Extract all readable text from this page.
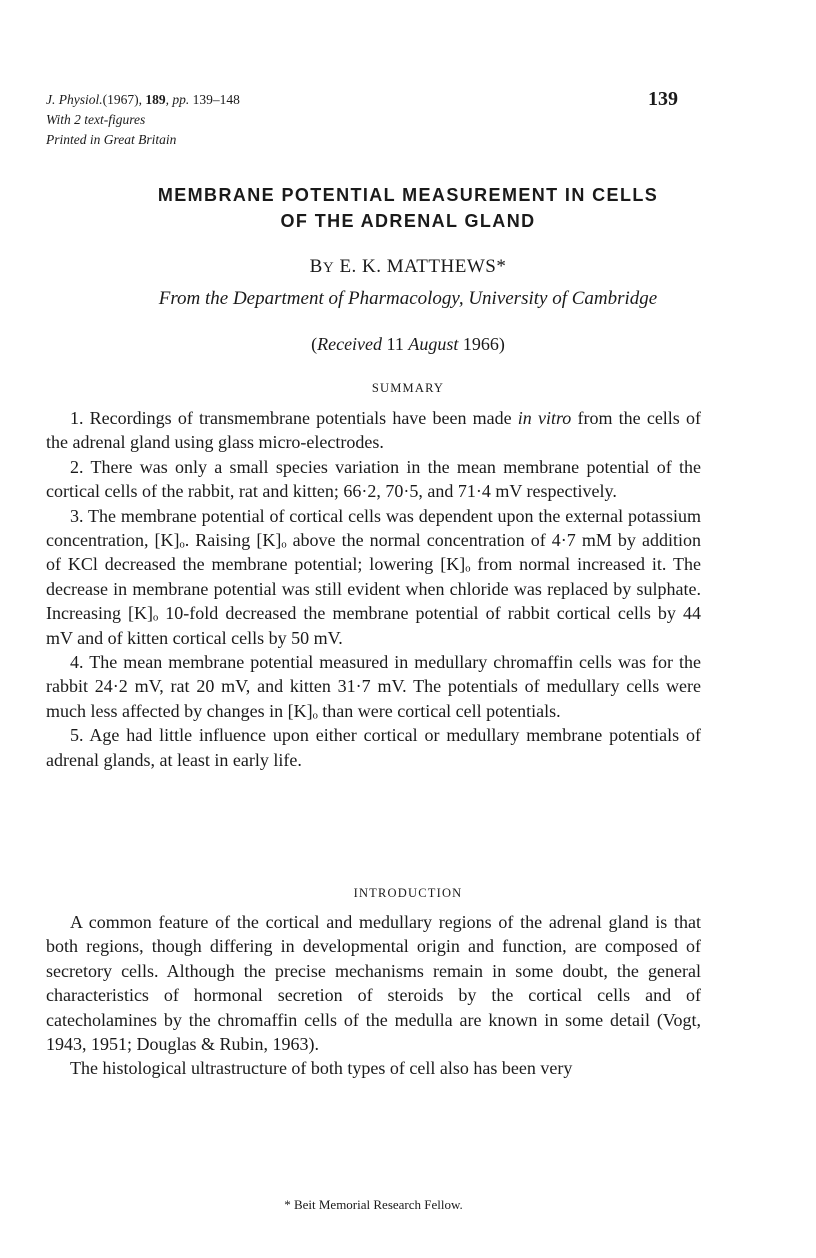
J. Physiol.(1967), 189, pp. 139–148
With 2 text-figures
Printed in Great Britain
139
MEMBRANE POTENTIAL MEASUREMENT IN CELLS
OF THE ADRENAL GLAND
BY E. K. MATTHEWS*
From the Department of Pharmacology, University of Cambridge
(Received 11 August 1966)
SUMMARY

1. Recordings of transmembrane potentials have been made in vitro from the cells of the adrenal gland using glass micro-electrodes.

2. There was only a small species variation in the mean membrane potential of the cortical cells of the rabbit, rat and kitten; 66·2, 70·5, and 71·4 mV respectively.

3. The membrane potential of cortical cells was dependent upon the external potassium concentration, [K]ₒ. Raising [K]ₒ above the normal concentration of 4·7 mM by addition of KCl decreased the membrane potential; lowering [K]ₒ from normal increased it. The decrease in membrane potential was still evident when chloride was replaced by sulphate. Increasing [K]ₒ 10-fold decreased the membrane potential of rabbit cortical cells by 44 mV and of kitten cortical cells by 50 mV.

4. The mean membrane potential measured in medullary chromaffin cells was for the rabbit 24·2 mV, rat 20 mV, and kitten 31·7 mV. The potentials of medullary cells were much less affected by changes in [K]ₒ than were cortical cell potentials.

5. Age had little influence upon either cortical or medullary membrane potentials of adrenal glands, at least in early life.

INTRODUCTION

A common feature of the cortical and medullary regions of the adrenal gland is that both regions, though differing in developmental origin and function, are composed of secretory cells. Although the precise mechanisms remain in some doubt, the general characteristics of hormonal secretion of steroids by the cortical cells and of catecholamines by the chromaffin cells of the medulla are known in some detail (Vogt, 1943, 1951; Douglas & Rubin, 1963).

The histological ultrastructure of both types of cell also has been very

* Beit Memorial Research Fellow.
